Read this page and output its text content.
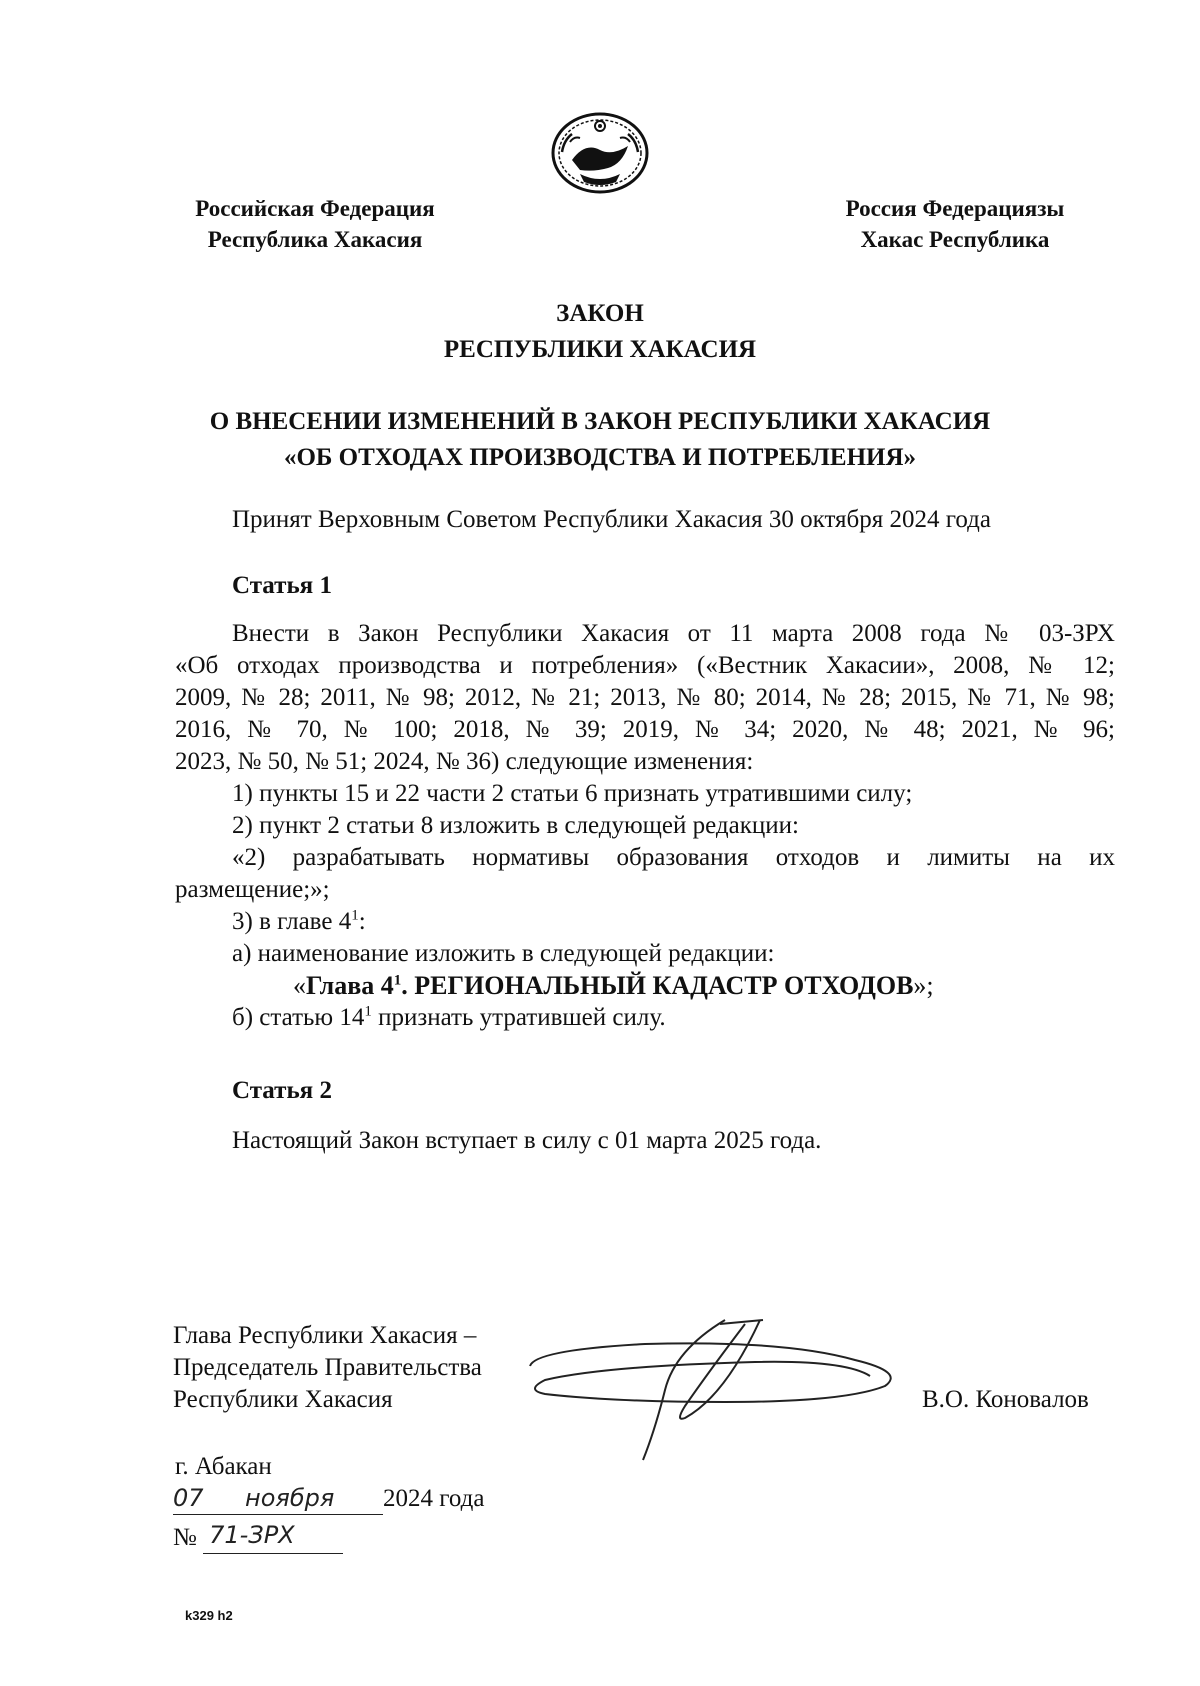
Российская Федерация
Республика Хакасия
Россия Федерациязы
Хакас Республика
ЗАКОН
РЕСПУБЛИКИ ХАКАСИЯ
О ВНЕСЕНИИ ИЗМЕНЕНИЙ В ЗАКОН РЕСПУБЛИКИ ХАКАСИЯ
«ОБ ОТХОДАХ ПРОИЗВОДСТВА И ПОТРЕБЛЕНИЯ»
Принят Верховным Советом Республики Хакасия 30 октября 2024 года
Статья 1
Внести в Закон Республики Хакасия от 11 марта 2008 года № 03-ЗРХ
«Об отходах производства и потребления» («Вестник Хакасии», 2008, № 12;
2009, № 28; 2011, № 98; 2012, № 21; 2013, № 80; 2014, № 28; 2015, № 71, № 98;
2016, № 70, № 100; 2018, № 39; 2019, № 34; 2020, № 48; 2021, № 96;
2023, № 50, № 51; 2024, № 36) следующие изменения:
1) пункты 15 и 22 части 2 статьи 6 признать утратившими силу;
2) пункт 2 статьи 8 изложить в следующей редакции:
«2) разрабатывать нормативы образования отходов и лимиты на их
размещение;»;
3) в главе $4^1$:
а) наименование изложить в следующей редакции:
«Глава $4^1$. РЕГИОНАЛЬНЫЙ КАДАСТР ОТХОДОВ»;
б) статью $14^1$ признать утратившей силу.
Статья 2
Настоящий Закон вступает в силу с 01 марта 2025 года.
Глава Республики Хакасия –
Председатель Правительства
Республики Хакасия	В.О. Коновалов
г. Абакан
07 ноября 2024 года
№ 71-ЗРХ
k329 h2
